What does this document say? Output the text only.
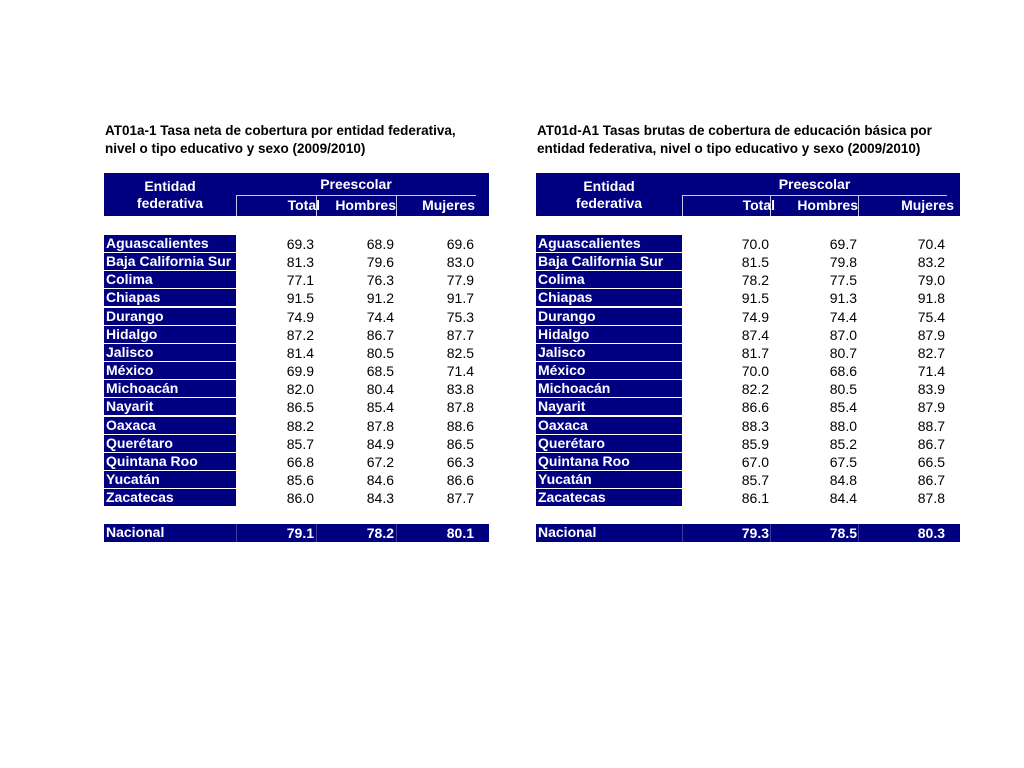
AT01a-1 Tasa neta de cobertura por entidad federativa,
nivel o tipo educativo y sexo (2009/2010)
Entidad
federativa
Preescolar
Total	Hombres	Mujeres
Aguascalientes	69.3	68.9	69.6
Baja California Sur	81.3	79.6	83.0
Colima	77.1	76.3	77.9
Chiapas	91.5	91.2	91.7
Durango	74.9	74.4	75.3
Hidalgo	87.2	86.7	87.7
Jalisco	81.4	80.5	82.5
México	69.9	68.5	71.4
Michoacán	82.0	80.4	83.8
Nayarit	86.5	85.4	87.8
Oaxaca	88.2	87.8	88.6
Querétaro	85.7	84.9	86.5
Quintana Roo	66.8	67.2	66.3
Yucatán	85.6	84.6	86.6
Zacatecas	86.0	84.3	87.7
Nacional	79.1	78.2	80.1
AT01d-A1 Tasas brutas de cobertura de educación básica por
entidad federativa, nivel o tipo educativo y sexo (2009/2010)
Entidad
federativa
Preescolar
Total	Hombres	Mujeres
Aguascalientes	70.0	69.7	70.4
Baja California Sur	81.5	79.8	83.2
Colima	78.2	77.5	79.0
Chiapas	91.5	91.3	91.8
Durango	74.9	74.4	75.4
Hidalgo	87.4	87.0	87.9
Jalisco	81.7	80.7	82.7
México	70.0	68.6	71.4
Michoacán	82.2	80.5	83.9
Nayarit	86.6	85.4	87.9
Oaxaca	88.3	88.0	88.7
Querétaro	85.9	85.2	86.7
Quintana Roo	67.0	67.5	66.5
Yucatán	85.7	84.8	86.7
Zacatecas	86.1	84.4	87.8
Nacional	79.3	78.5	80.3
